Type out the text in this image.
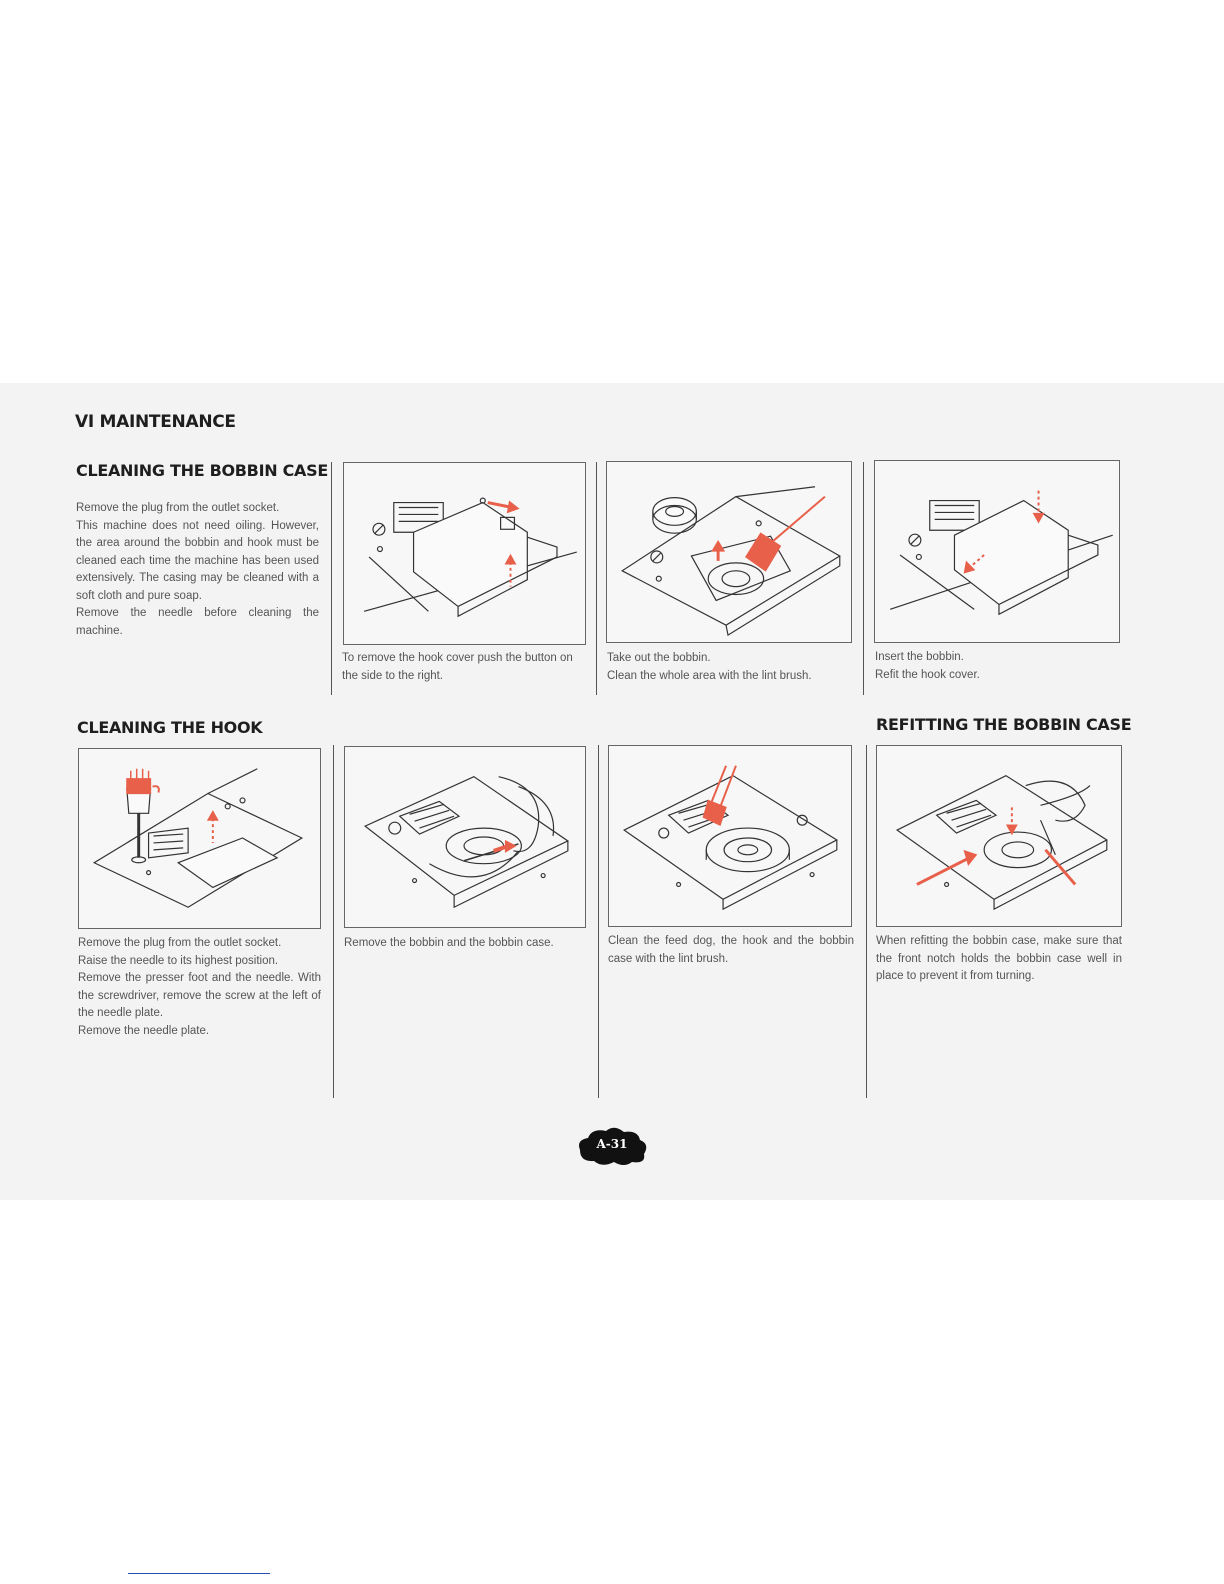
VI MAINTENANCE
CLEANING THE BOBBIN CASE

Remove the plug from the outlet socket.

This machine does not need oiling. However, the area around the bobbin and hook must be cleaned each time the machine has been used extensively. The casing may be cleaned with a soft cloth and pure soap.

Remove the needle before cleaning the machine.

To remove the hook cover push the button on the side to the right.

Take out the bobbin.

Clean the whole area with the lint brush.

Insert the bobbin.

Refit the hook cover.

CLEANING THE HOOK	REFITTING THE BOBBIN CASE

Remove the plug from the outlet socket.

Raise the needle to its highest position.

Remove the presser foot and the needle. With the screwdriver, remove the screw at the left of the needle plate.

Remove the needle plate.

Remove the bobbin and the bobbin case.	Clean the feed dog, the hook and the bobbin case with the lint brush.
When refitting the bobbin case, make sure that the front notch holds the bobbin case well in place to prevent it from turning.
A-31
